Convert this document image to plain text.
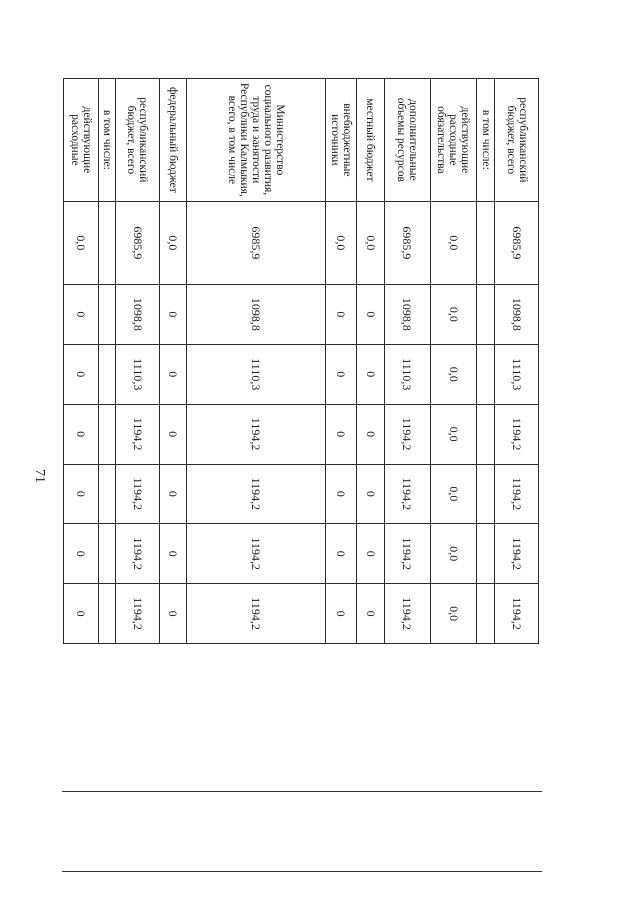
71
республиканский бюджет, всего	6985,9	1098,8	1110,3	1194,2	1194,2	1194,2	1194,2
в том числе:							
действующие расходные обязательства	0,0	0,0	0,0	0,0	0,0	0,0	0,0
дополнительные объемы ресурсов	6985,9	1098,8	1110,3	1194,2	1194,2	1194,2	1194,2
местный бюджет	0,0	0	0	0	0	0	0
внебюджетные источники	0,0	0	0	0	0	0	0
Министерство социального развития, труда и занятости Республики Калмыкия, всего, в том числе	6985,9	1098,8	1110,3	1194,2	1194,2	1194,2	1194,2
федеральный бюджет	0,0	0	0	0	0	0	0
республиканский бюджет, всего	6985,9	1098,8	1110,3	1194,2	1194,2	1194,2	1194,2
в том числе:							
действующие расходные	0,0	0	0	0	0	0	0
